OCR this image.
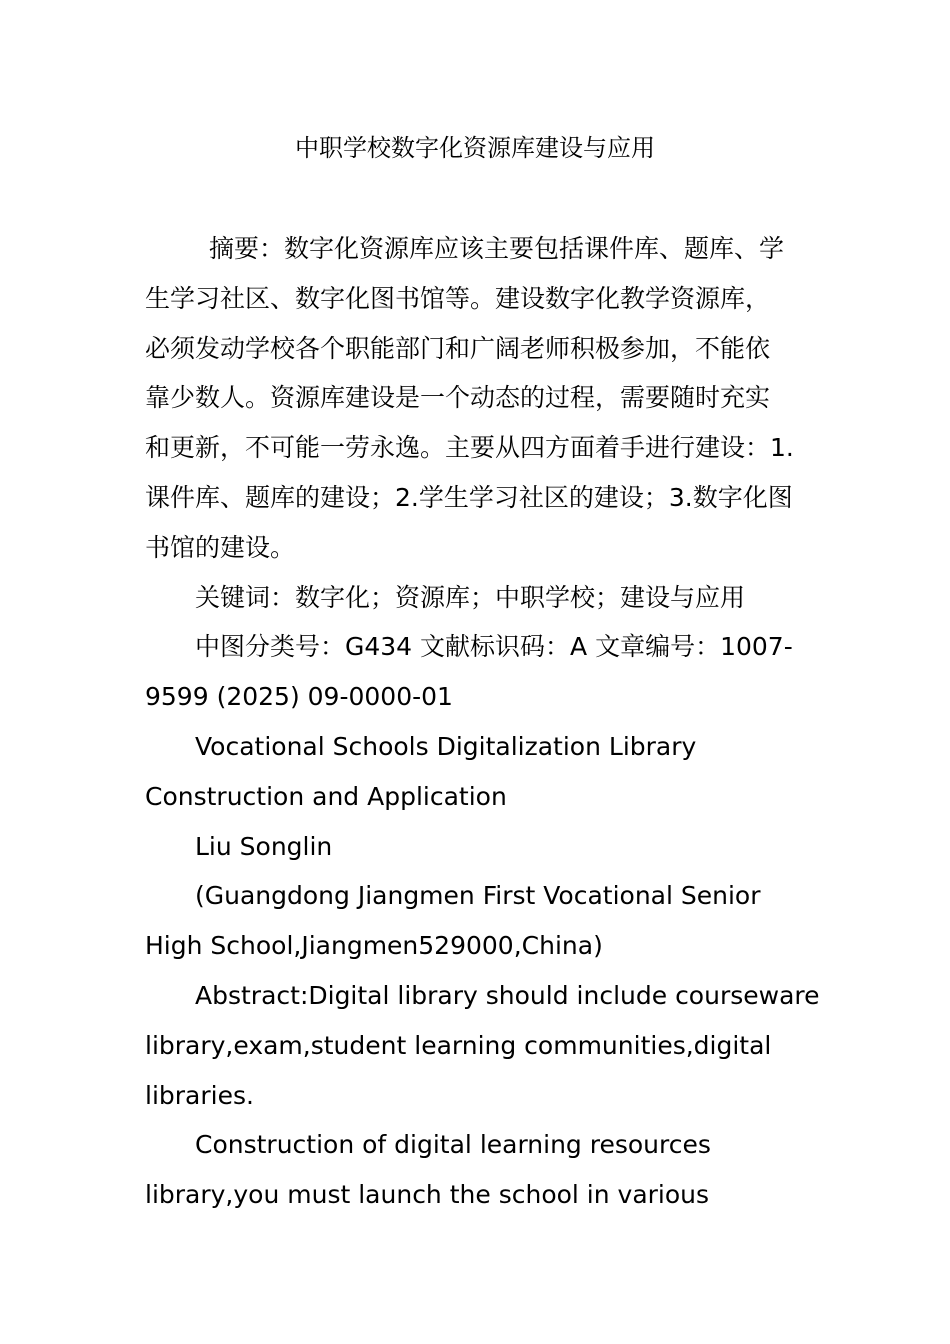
中职学校数字化资源库建设与应用

摘要：数字化资源库应该主要包括课件库、题库、学

生学习社区、数字化图书馆等。建设数字化教学资源库，

必须发动学校各个职能部门和广阔老师积极参加，不能依

靠少数人。资源库建设是一个动态的过程，需要随时充实

和更新，不可能一劳永逸。主要从四方面着手进行建设：1.

课件库、题库的建设；2.学生学习社区的建设；3.数字化图

书馆的建设。

关键词：数字化；资源库；中职学校；建设与应用

中图分类号：G434 文献标识码：A 文章编号：1007-

9599 (2025) 09-0000-01

Vocational Schools Digitalization Library

Construction and Application

Liu Songlin

(Guangdong Jiangmen First Vocational Senior

High School,Jiangmen529000,China)

Abstract:Digital library should include courseware

library,exam,student learning communities,digital

libraries.

Construction of digital learning resources

library,you must launch the school in various
